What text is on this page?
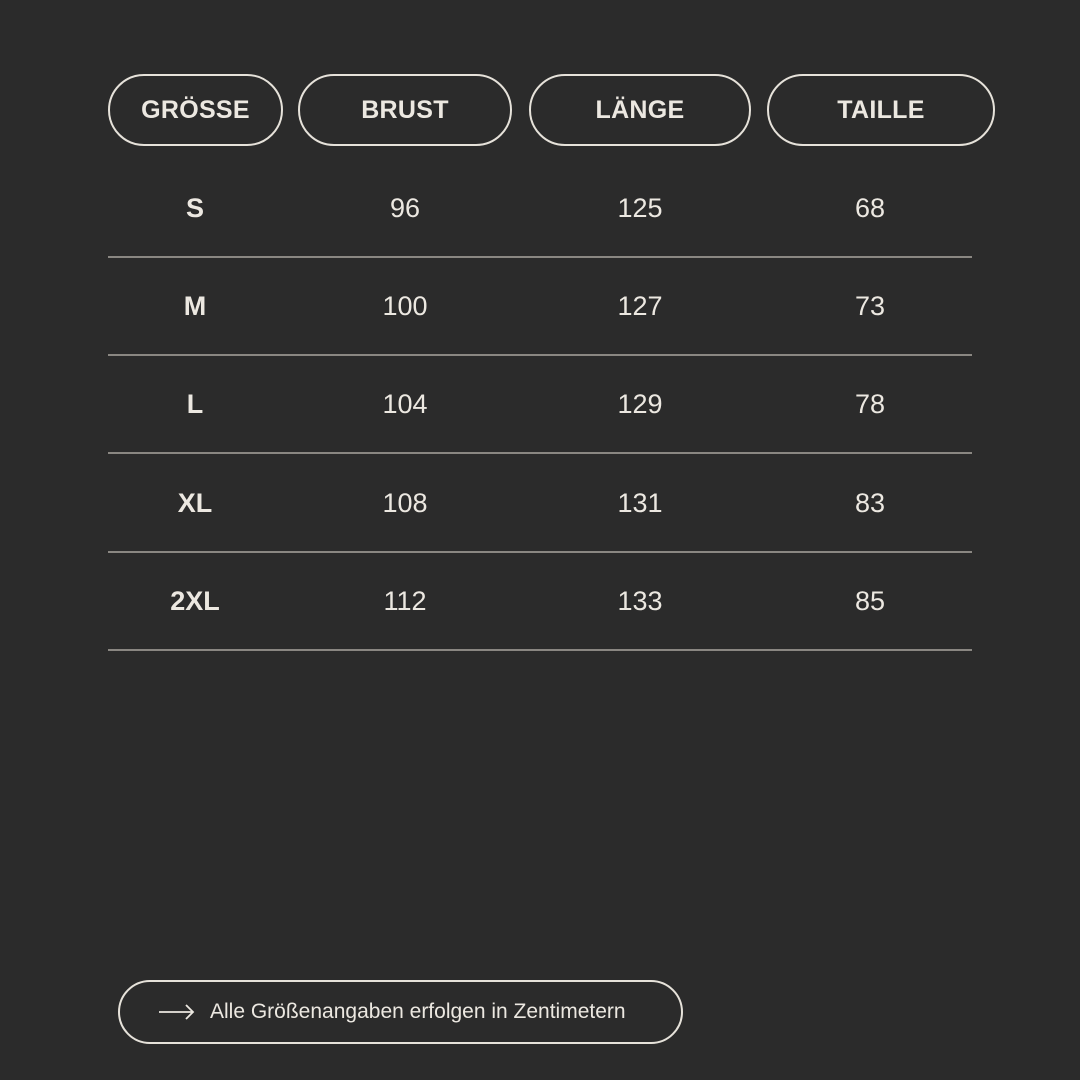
GRÖSSE	BRUST	LÄNGE	TAILLE
S	96	125	68
M	100	127	73
L	104	129	78
XL	108	131	83
2XL	112	133	85
Alle Größenangaben erfolgen in Zentimetern
